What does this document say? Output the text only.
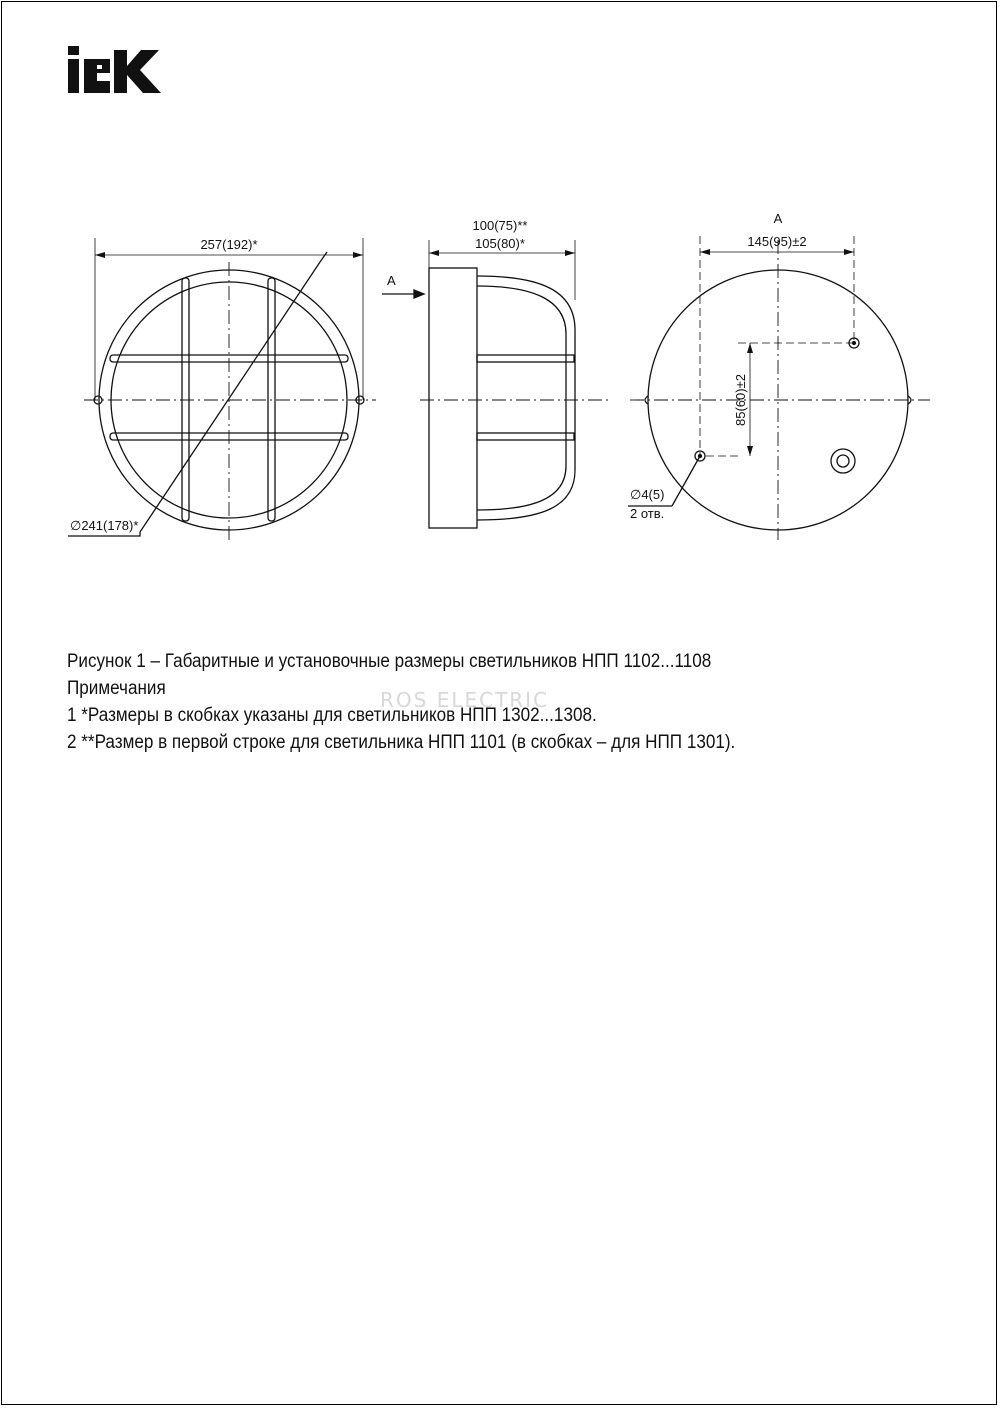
257(192)*
∅241(178)*
100(75)**
105(80)*
А
А
145(95)±2
85(60)±2
∅4(5)
2 отв.
ROS ELECTRIC
Рисунок 1 – Габаритные и установочные размеры светильников НПП 1102...1108
Примечания
1 *Размеры в скобках указаны для светильников НПП 1302...1308.
2 **Размер в первой строке для светильника НПП 1101 (в скобках – для НПП 1301).
